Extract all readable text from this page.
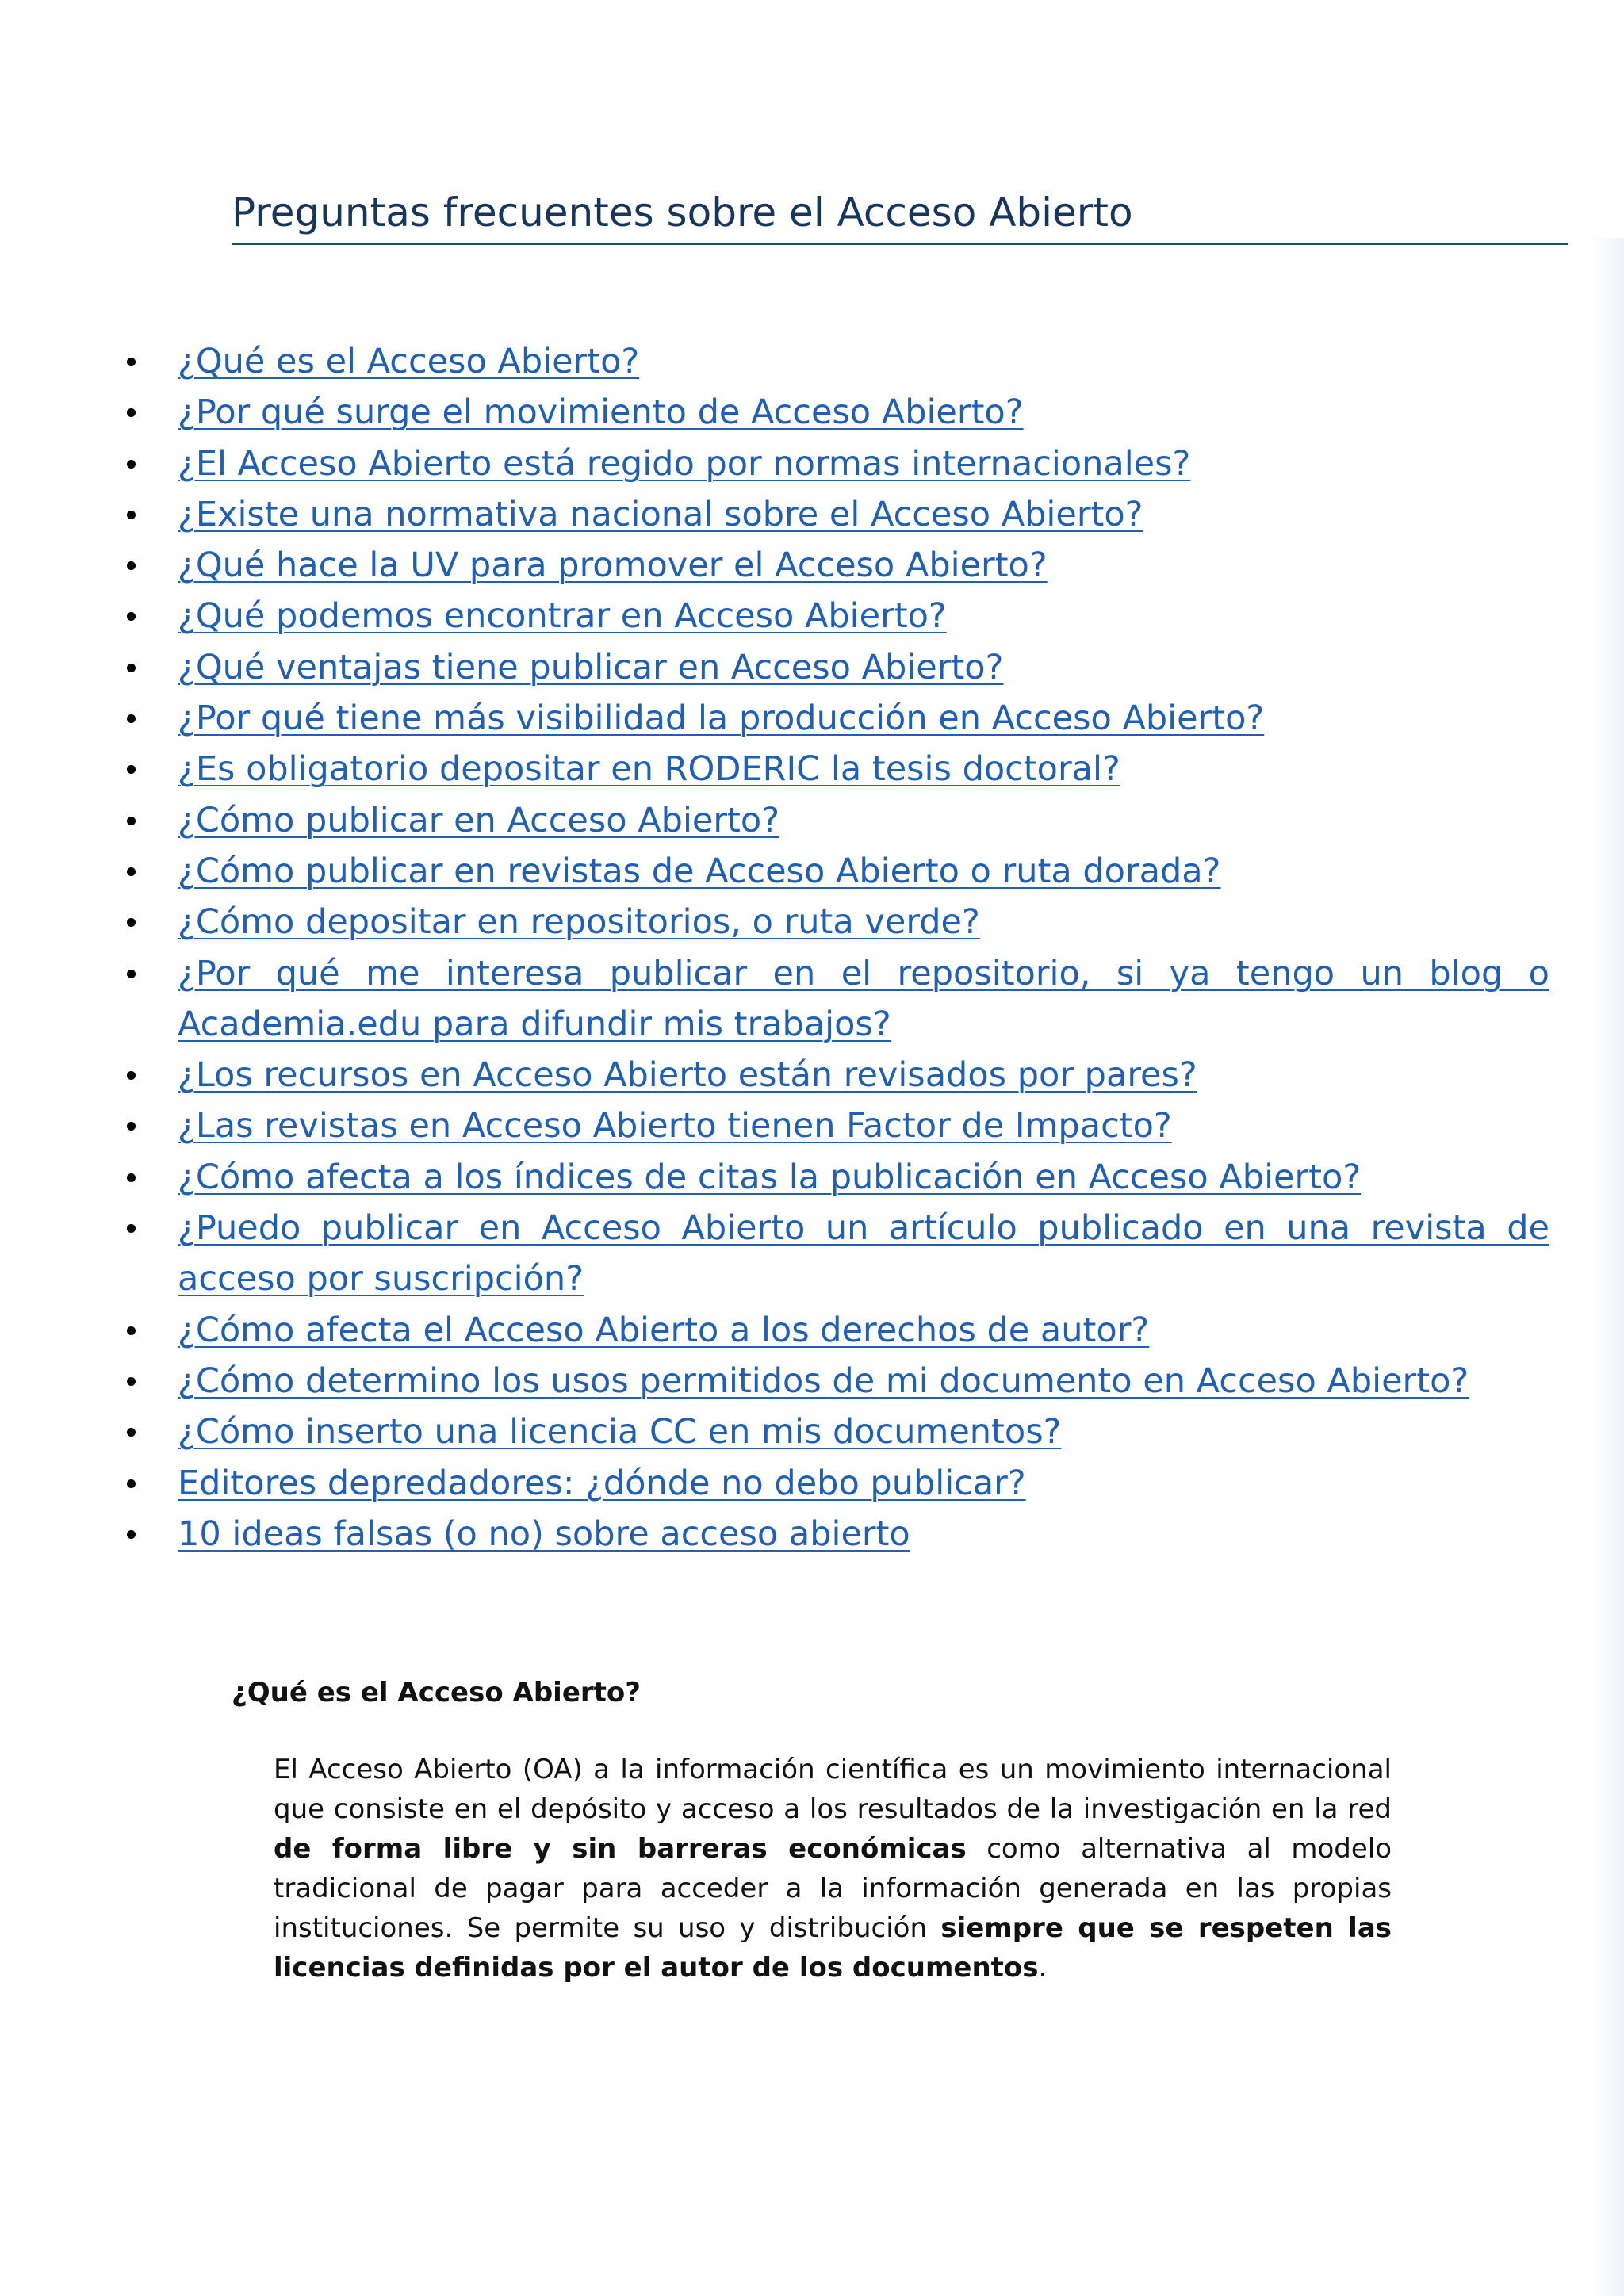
Preguntas frecuentes sobre el Acceso Abierto
¿Qué es el Acceso Abierto?
¿Por qué surge el movimiento de Acceso Abierto?
¿El Acceso Abierto está regido por normas internacionales?
¿Existe una normativa nacional sobre el Acceso Abierto?
¿Qué hace la UV para promover el Acceso Abierto?
¿Qué podemos encontrar en Acceso Abierto?
¿Qué ventajas tiene publicar en Acceso Abierto?
¿Por qué tiene más visibilidad la producción en Acceso Abierto?
¿Es obligatorio depositar en RODERIC la tesis doctoral?
¿Cómo publicar en Acceso Abierto?
¿Cómo publicar en revistas de Acceso Abierto o ruta dorada?
¿Cómo depositar en repositorios, o ruta verde?
¿Por qué me interesa publicar en el repositorio, si ya tengo un blog o Academia.edu para difundir mis trabajos?
¿Los recursos en Acceso Abierto están revisados por pares?
¿Las revistas en Acceso Abierto tienen Factor de Impacto?
¿Cómo afecta a los índices de citas la publicación en Acceso Abierto?
¿Puedo publicar en Acceso Abierto un artículo publicado en una revista de acceso por suscripción?
¿Cómo afecta el Acceso Abierto a los derechos de autor?
¿Cómo determino los usos permitidos de mi documento en Acceso Abierto?
¿Cómo inserto una licencia CC en mis documentos?
Editores depredadores: ¿dónde no debo publicar?
10 ideas falsas (o no) sobre acceso abierto
¿Qué es el Acceso Abierto?
El Acceso Abierto (OA) a la información científica es un movimiento internacional que consiste en el depósito y acceso a los resultados de la investigación en la red de forma libre y sin barreras económicas como alternativa al modelo tradicional de pagar para acceder a la información generada en las propias instituciones. Se permite su uso y distribución siempre que se respeten las licencias definidas por el autor de los documentos.
